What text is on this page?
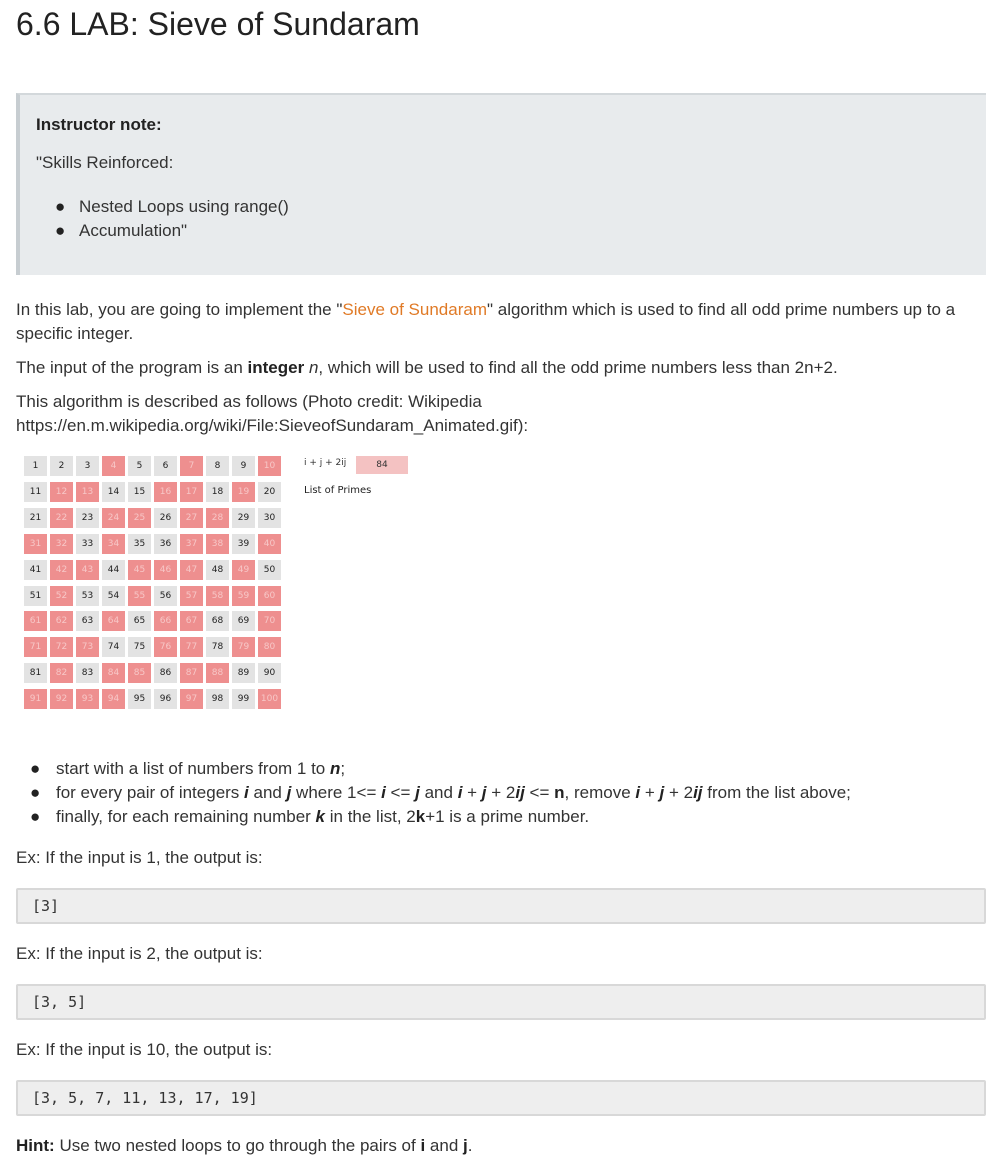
6.6 LAB: Sieve of Sundaram
Instructor note:
"Skills Reinforced:
● Nested Loops using range()
● Accumulation"

In this lab, you are going to implement the "Sieve of Sundaram" algorithm which is used to find all odd prime numbers up to a specific integer.

The input of the program is an integer n, which will be used to find all the odd prime numbers less than 2n+2.

This algorithm is described as follows (Photo credit: Wikipedia
https://en.m.wikipedia.org/wiki/File:SieveofSundaram_Animated.gif):

1	2	3	4	5	6	7	8	9	10
11	12	13	14	15	16	17	18	19	20
21	22	23	24	25	26	27	28	29	30
31	32	33	34	35	36	37	38	39	40
41	42	43	44	45	46	47	48	49	50
51	52	53	54	55	56	57	58	59	60
61	62	63	64	65	66	67	68	69	70
71	72	73	74	75	76	77	78	79	80
81	82	83	84	85	86	87	88	89	90
91	92	93	94	95	96	97	98	99	100
i + j + 2ij	84
List of Primes
● start with a list of numbers from 1 to n;
● for every pair of integers i and j where 1<= i <= j and i + j + 2ij <= n, remove i + j + 2ij from the list above;
● finally, for each remaining number k in the list, 2k+1 is a prime number.

Ex: If the input is 1, the output is:

[3]

Ex: If the input is 2, the output is:

[3, 5]

Ex: If the input is 10, the output is:

[3, 5, 7, 11, 13, 17, 19]

Hint: Use two nested loops to go through the pairs of i and j.
